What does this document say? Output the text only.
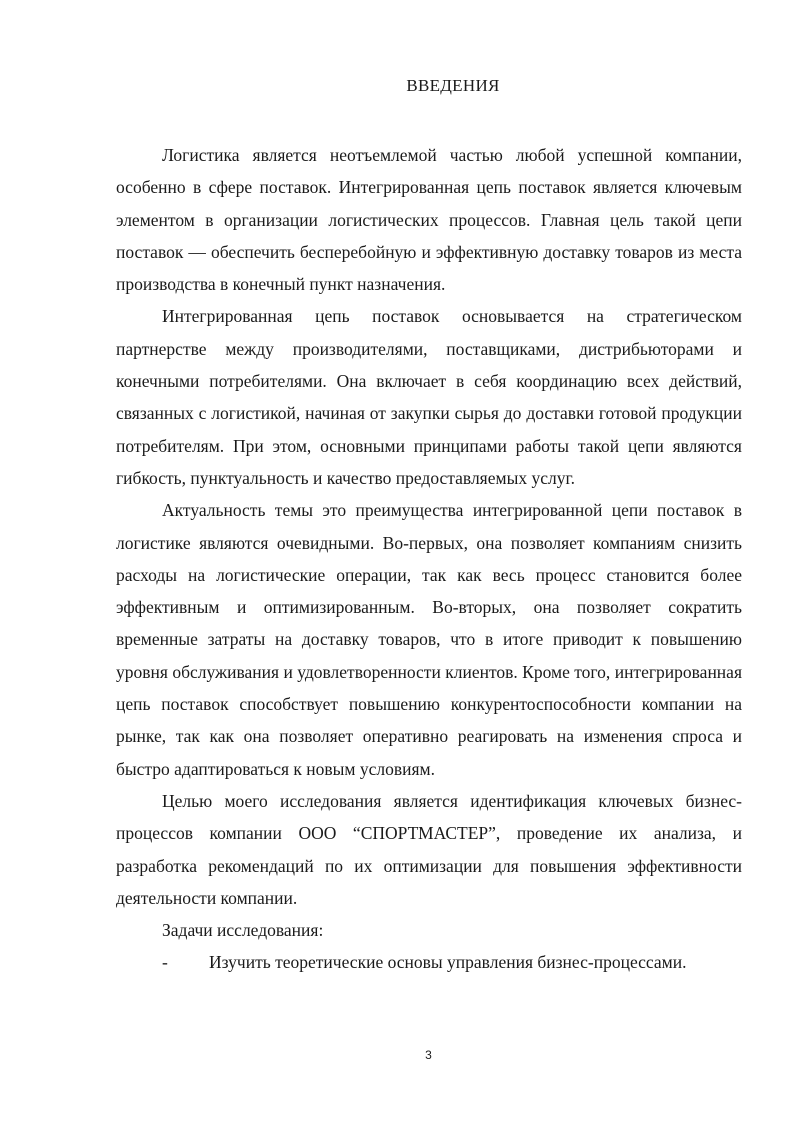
ВВЕДЕНИЯ

Логистика является неотъемлемой частью любой успешной компании, особенно в сфере поставок. Интегрированная цепь поставок является ключевым элементом в организации логистических процессов. Главная цель такой цепи поставок — обеспечить бесперебойную и эффективную доставку товаров из места производства в конечный пункт назначения.

Интегрированная цепь поставок основывается на стратегическом партнерстве между производителями, поставщиками, дистрибьюторами и конечными потребителями. Она включает в себя координацию всех действий, связанных с логистикой, начиная от закупки сырья до доставки готовой продукции потребителям. При этом, основными принципами работы такой цепи являются гибкость, пунктуальность и качество предоставляемых услуг.

Актуальность темы это преимущества интегрированной цепи поставок в логистике являются очевидными. Во-первых, она позволяет компаниям снизить расходы на логистические операции, так как весь процесс становится более эффективным и оптимизированным. Во-вторых, она позволяет сократить временные затраты на доставку товаров, что в итоге приводит к повышению уровня обслуживания и удовлетворенности клиентов. Кроме того, интегрированная цепь поставок способствует повышению конкурентоспособности компании на рынке, так как она позволяет оперативно реагировать на изменения спроса и быстро адаптироваться к новым условиям.

Целью моего исследования является идентификация ключевых бизнес-процессов компании ООО “СПОРТМАСТЕР”, проведение их анализа, и разработка рекомендаций по их оптимизации для повышения эффективности деятельности компании.

Задачи исследования:

- Изучить теоретические основы управления бизнес-процессами.
3
